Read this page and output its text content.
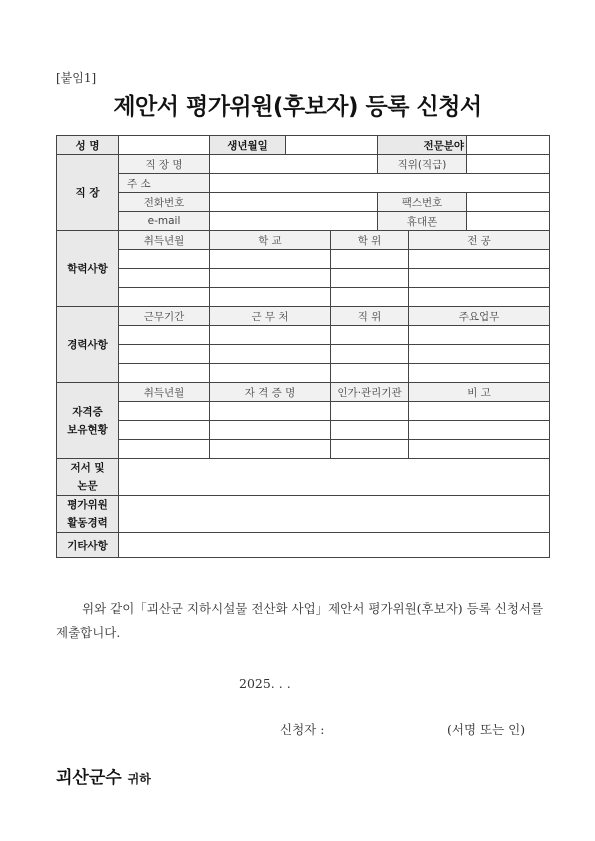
[붙임1]
제안서 평가위원(후보자) 등록 신청서
성 명		생년월일			전문분야		
직 장	직 장 명				직위(직급)		
	주 소						
	전화번호				팩스번호		
	e-mail				휴대폰		
학력사항	취득년월	학 교		학 위		전 공	

경력사항	근무기간	근 무 처		직 위		주요업무	

자격증
보유현황	취득년월	자 격 증 명		인가·관리기관		비 고	

저서 및
논문							

평가위원
활동경력							

기타사항							
위와 같이「괴산군 지하시설물 전산화 사업」제안서 평가위원(후보자) 등록 신청서를 제출합니다.
2025. . .
신청자 :	(서명 또는 인)
괴산군수 귀하
